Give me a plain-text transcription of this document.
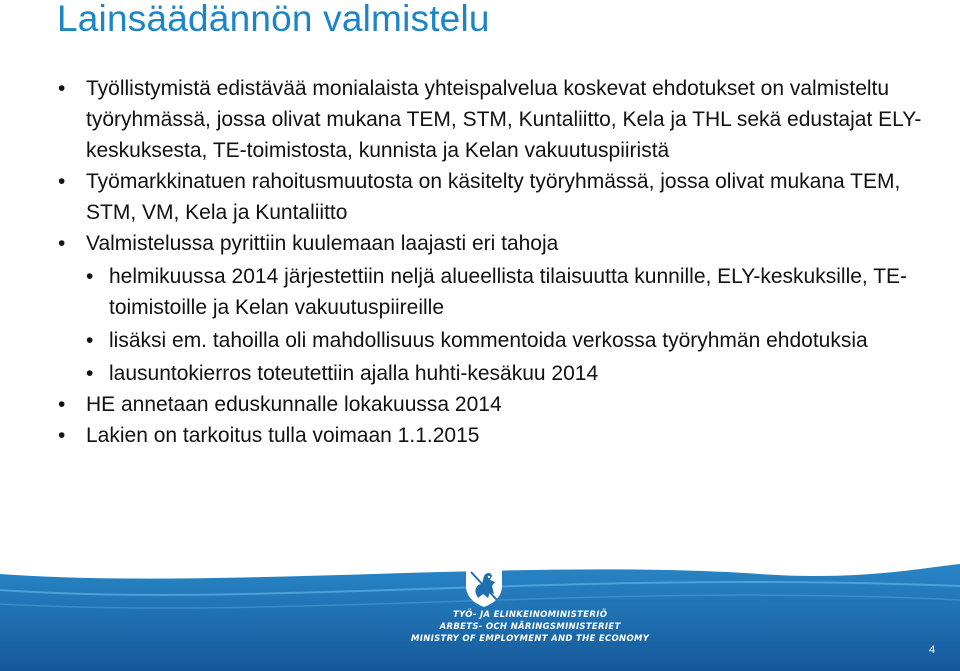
Lainsäädännön valmistelu
• Työllistymistä edistävää monialaista yhteispalvelua koskevat ehdotukset on valmisteltu työryhmässä, jossa olivat mukana TEM, STM, Kuntaliitto, Kela ja THL sekä edustajat ELY-keskuksesta, TE-toimistosta, kunnista ja Kelan vakuutuspiiristä
• Työmarkkinatuen rahoitusmuutosta on käsitelty työryhmässä, jossa olivat mukana TEM, STM, VM, Kela ja Kuntaliitto
• Valmistelussa pyrittiin kuulemaan laajasti eri tahoja
• helmikuussa 2014 järjestettiin neljä alueellista tilaisuutta kunnille, ELY-keskuksille, TE-toimistoille ja Kelan vakuutuspiireille
• lisäksi em. tahoilla oli mahdollisuus kommentoida verkossa työryhmän ehdotuksia
• lausuntokierros toteutettiin ajalla huhti-kesäkuu 2014
• HE annetaan eduskunnalle lokakuussa 2014
• Lakien on tarkoitus tulla voimaan 1.1.2015

TYÖ- JA ELINKEINOMINISTERIÖ
ARBETS- OCH NÄRINGSMINISTERIET
MINISTRY OF EMPLOYMENT AND THE ECONOMY

4
